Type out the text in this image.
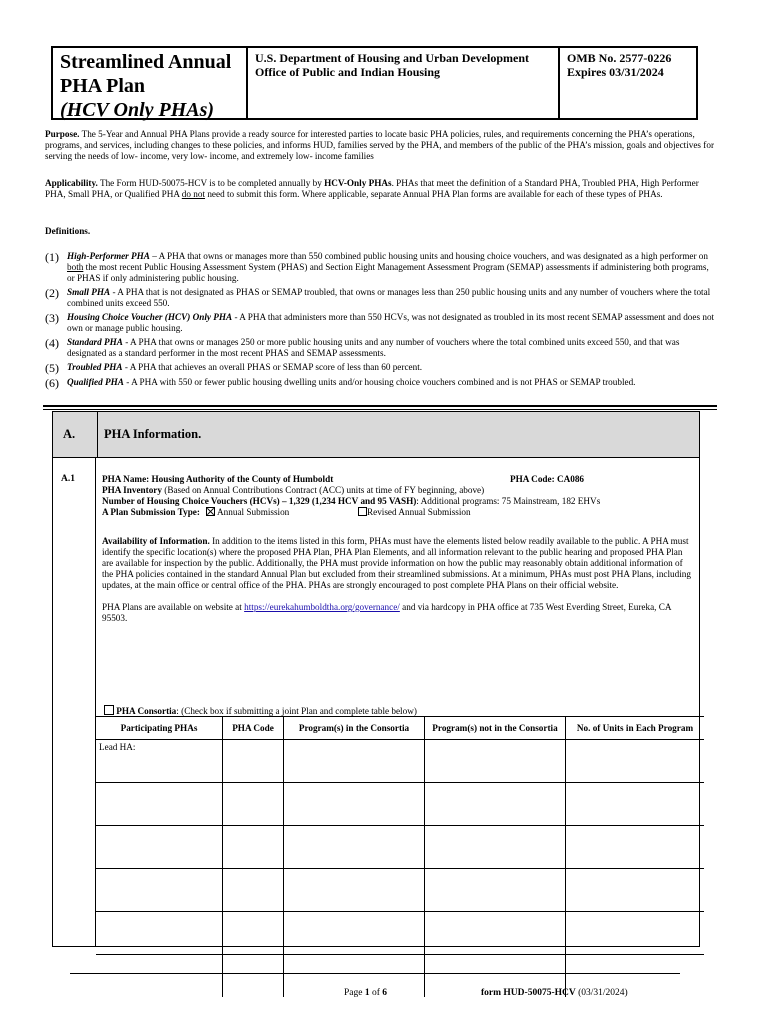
Streamlined Annual
PHA Plan
(HCV Only PHAs)
U.S. Department of Housing and Urban Development
Office of Public and Indian Housing
OMB No. 2577-0226
Expires 03/31/2024
Purpose. The 5-Year and Annual PHA Plans provide a ready source for interested parties to locate basic PHA policies, rules, and requirements concerning the PHA’s operations, programs, and services, including changes to these policies, and informs HUD, families served by the PHA, and members of the public of the PHA’s mission, goals and objectives for serving the needs of low- income, very low- income, and extremely low- income families
Applicability. The Form HUD-50075-HCV is to be completed annually by HCV-Only PHAs. PHAs that meet the definition of a Standard PHA, Troubled PHA, High Performer PHA, Small PHA, or Qualified PHA do not need to submit this form. Where applicable, separate Annual PHA Plan forms are available for each of these types of PHAs.
Definitions.
(1) High-Performer PHA – A PHA that owns or manages more than 550 combined public housing units and housing choice vouchers, and was designated as a high performer on both the most recent Public Housing Assessment System (PHAS) and Section Eight Management Assessment Program (SEMAP) assessments if administering both programs, or PHAS if only administering public housing.
(2) Small PHA - A PHA that is not designated as PHAS or SEMAP troubled, that owns or manages less than 250 public housing units and any number of vouchers where the total combined units exceed 550.
(3) Housing Choice Voucher (HCV) Only PHA - A PHA that administers more than 550 HCVs, was not designated as troubled in its most recent SEMAP assessment and does not own or manage public housing.
(4) Standard PHA - A PHA that owns or manages 250 or more public housing units and any number of vouchers where the total combined units exceed 550, and that was designated as a standard performer in the most recent PHAS and SEMAP assessments.
(5) Troubled PHA - A PHA that achieves an overall PHAS or SEMAP score of less than 60 percent.
(6) Qualified PHA - A PHA with 550 or fewer public housing dwelling units and/or housing choice vouchers combined and is not PHAS or SEMAP troubled.
A.	PHA Information.
A.1	PHA Name: Housing Authority of the County of Humboldt	PHA Code: CA086
PHA Inventory (Based on Annual Contributions Contract (ACC) units at time of FY beginning, above)
Number of Housing Choice Vouchers (HCVs) – 1,329 (1,234 HCV and 95 VASH): Additional programs: 75 Mainstream, 182 EHVs
A Plan Submission Type: Annual Submission	Revised Annual Submission
Availability of Information. In addition to the items listed in this form, PHAs must have the elements listed below readily available to the public. A PHA must identify the specific location(s) where the proposed PHA Plan, PHA Plan Elements, and all information relevant to the public hearing and proposed PHA Plan are available for inspection by the public. Additionally, the PHA must provide information on how the public may reasonably obtain additional information of the PHA policies contained in the standard Annual Plan but excluded from their streamlined submissions. At a minimum, PHAs must post PHA Plans, including updates, at the main office or central office of the PHA. PHAs are strongly encouraged to post complete PHA Plans on their official website.
PHA Plans are available on website at https://eurekahumboldtha.org/governance/ and via hardcopy in PHA office at 735 West Everding Street, Eureka, CA 95503.
PHA Consortia: (Check box if submitting a joint Plan and complete table below)
Participating PHAs	PHA Code	Program(s) in the Consortia	Program(s) not in the Consortia	No. of Units in Each Program
Lead HA:				

Page 1 of 6	form HUD-50075-HCV (03/31/2024)
